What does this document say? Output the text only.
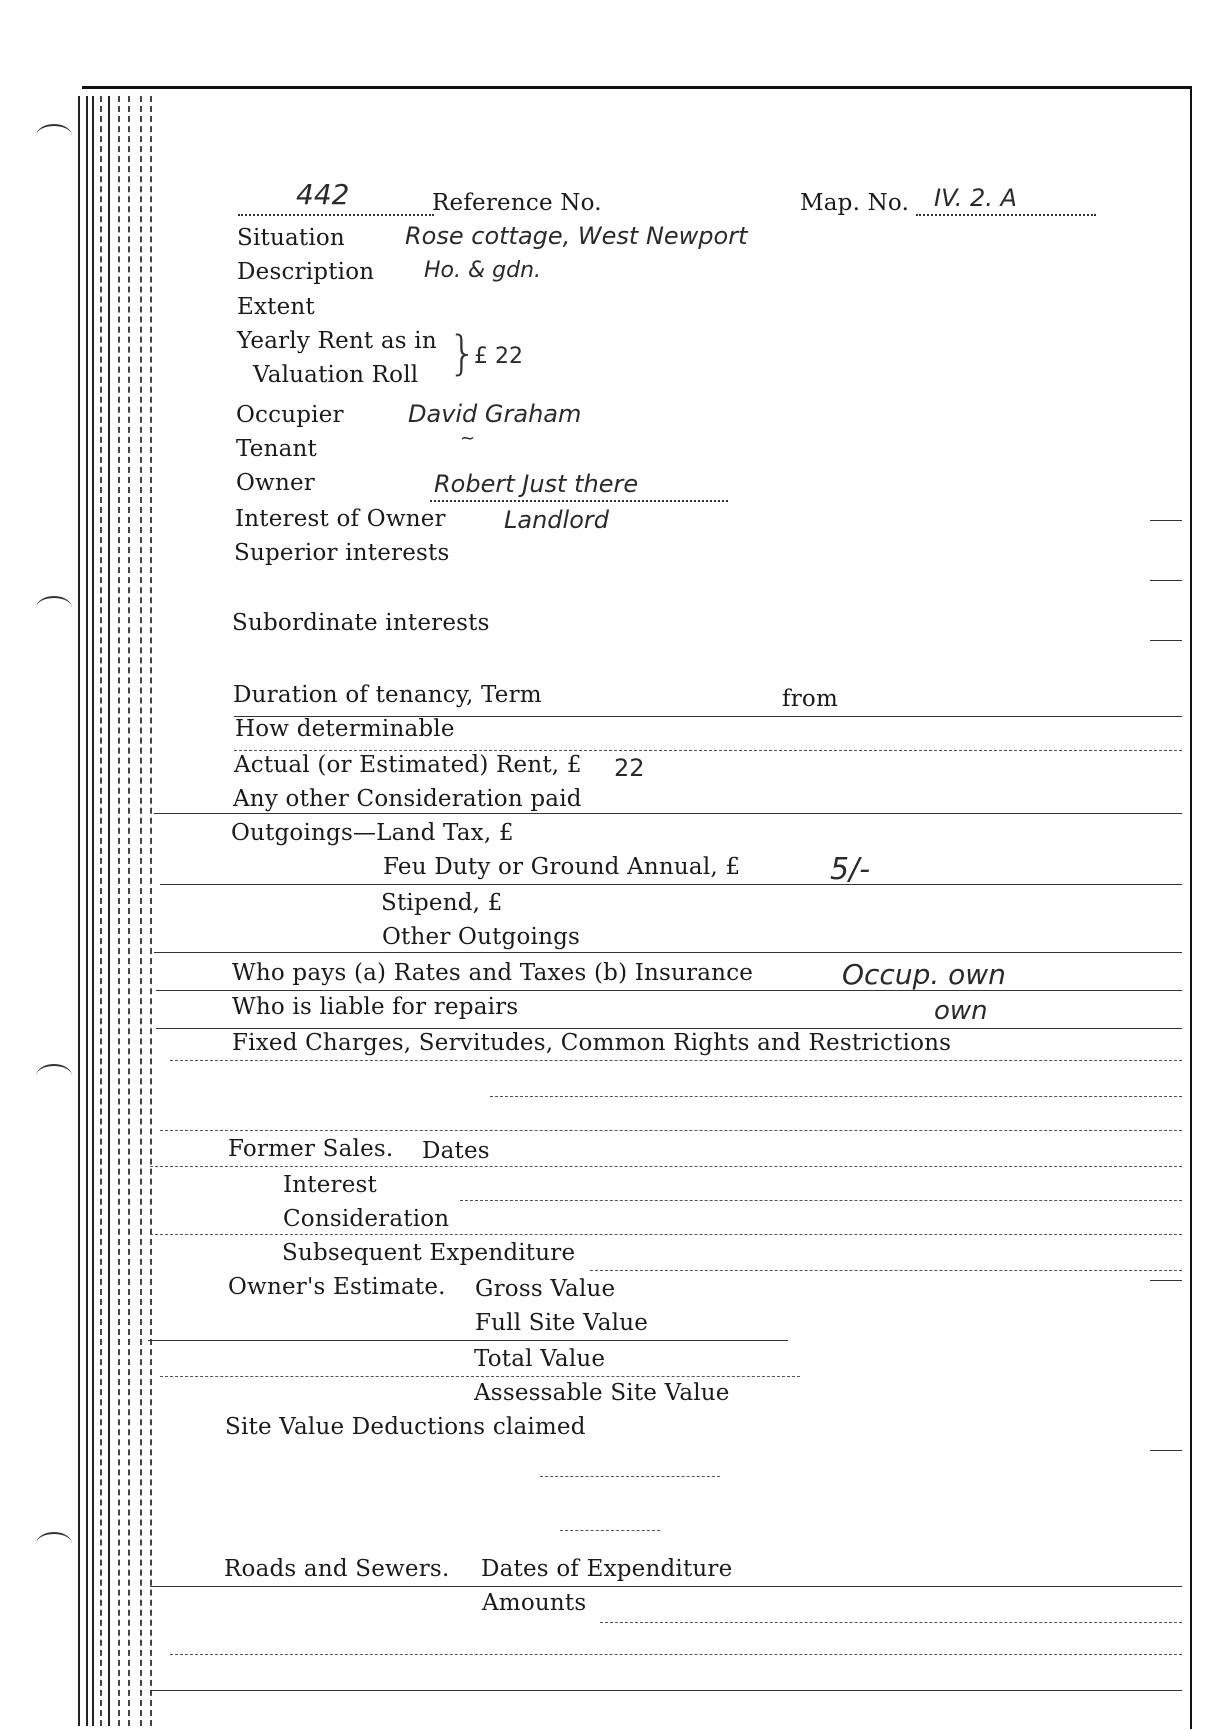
442	Reference No.	Map. No. IV. 2. A
Situation	Rose cottage, West Newport
Description Ho. & gdn.
Extent
Yearly Rent as in
Valuation Roll }
£ 22
Occupier	David Graham
Tenant	~
Owner	Robert Just there
Interest of Owner Landlord
Superior interests
Subordinate interests
Duration of tenancy, Term	from
How determinable
Actual (or Estimated) Rent, £ 22
Any other Consideration paid
Outgoings—Land Tax, £
Feu Duty or Ground Annual, £	5/-
Stipend, £
Other Outgoings
Who pays (a) Rates and Taxes (b) Insurance	Occup. own
Who is liable for repairs	own
Fixed Charges, Servitudes, Common Rights and Restrictions
Former Sales. Dates
Interest
Consideration
Subsequent Expenditure
Owner's Estimate. Gross Value
Full Site Value
Total Value
Assessable Site Value
Site Value Deductions claimed
Roads and Sewers. Dates of Expenditure
Amounts
